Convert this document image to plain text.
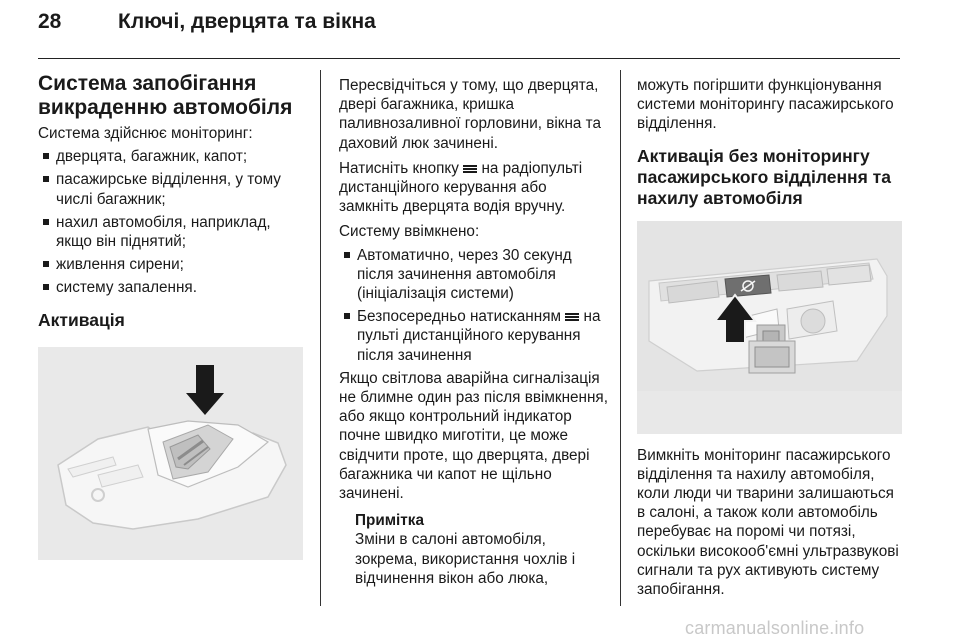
28	Ключі, дверцята та вікна
Система запобігання викраденню автомобіля

Система здійснює моніторинг:

дверцята, багажник, капот;
пасажирське відділення, у тому числі багажник;
нахил автомобіля, наприклад, якщо він піднятий;
живлення сирени;
систему запалення.
Активація

Пересвідчіться у тому, що дверцята, двері багажника, кришка паливнозаливної горловини, вікна та даховий люк зачинені.

Натисніть кнопку на радіопульті дистанційного керування або замкніть дверцята водія вручну.

Систему ввімкнено:

Автоматично, через 30 секунд після зачинення автомобіля (ініціалізація системи)
Безпосередньо натисканням на пульті дистанційного керування після зачинення

Якщо світлова аварійна сигналізація не блимне один раз після ввімкнення, або якщо контрольний індикатор почне швидко миготіти, це може свідчити проте, що дверцята, двері багажника чи капот не щільно зачинені.

Примітка

Зміни в салоні автомобіля, зокрема, використання чохлів і відчинення вікон або люка,

можуть погіршити функціонування системи моніторингу пасажирського відділення.

Активація без моніторингу пасажирського відділення та нахилу автомобіля

Вимкніть моніторинг пасажирського відділення та нахилу автомобіля, коли люди чи тварини залишаються в салоні, а також коли автомобіль перебуває на поромі чи потязі, оскільки високооб'ємні ультразвукові сигнали та рух активують систему запобігання.

carmanualsonline.info
